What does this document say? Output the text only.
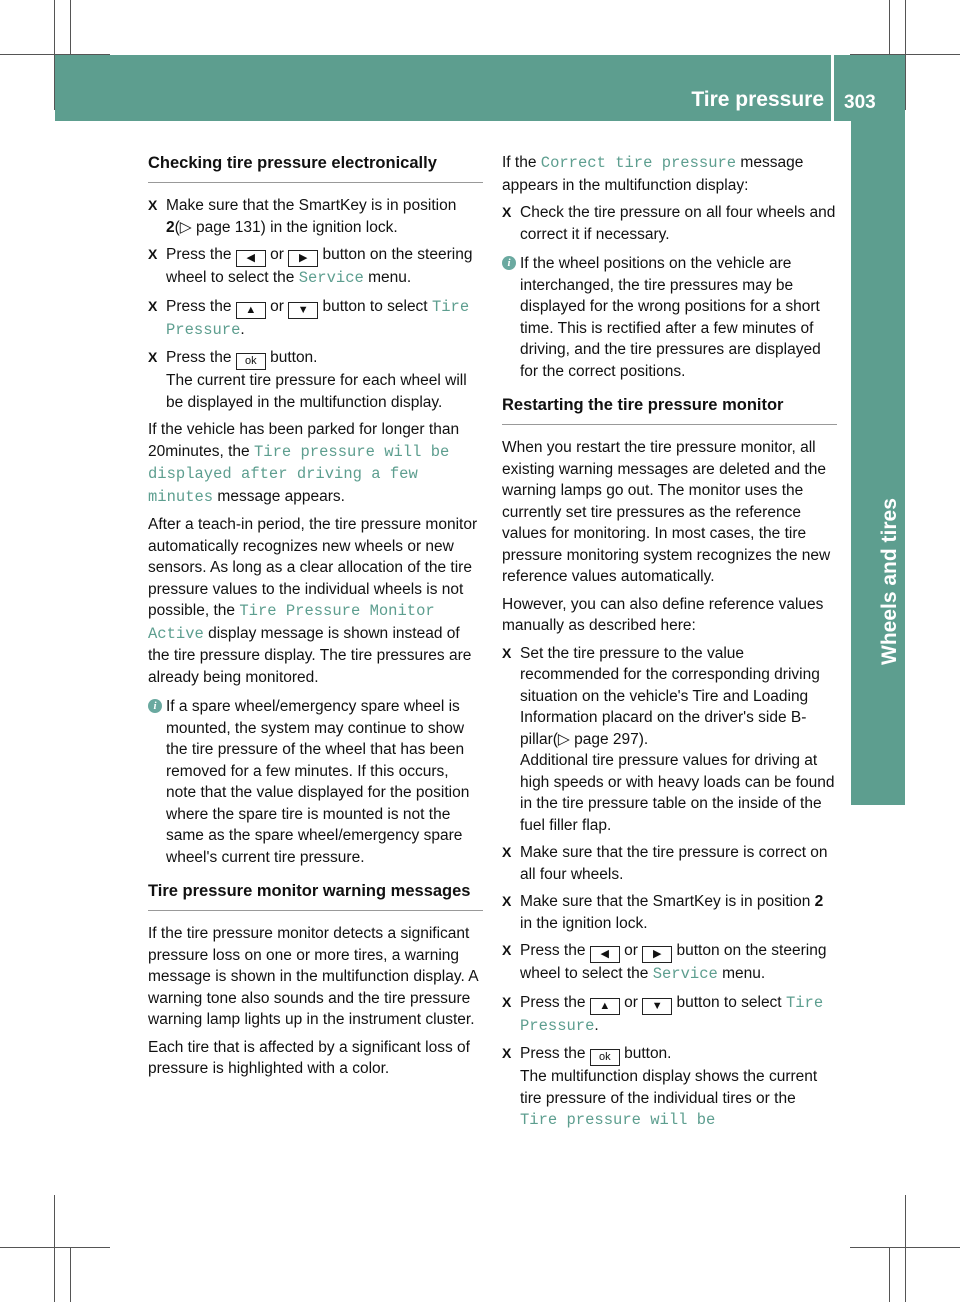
Tire pressure 303
Wheels and tires
Checking tire pressure electronically
X Make sure that the SmartKey is in position 2(▷ page 131) in the ignition lock.
X Press the ◀ or ▶ button on the steering wheel to select the Service menu.
X Press the ▲ or ▼ button to select Tire Pressure.
X Press the ok button.
The current tire pressure for each wheel will be displayed in the multifunction display.

If the vehicle has been parked for longer than 20minutes, the Tire pressure will be displayed after driving a few minutes message appears.

After a teach-in period, the tire pressure monitor automatically recognizes new wheels or new sensors. As long as a clear allocation of the tire pressure values to the individual wheels is not possible, the Tire Pressure Monitor Active display message is shown instead of the tire pressure display. The tire pressures are already being monitored.

i If a spare wheel/emergency spare wheel is mounted, the system may continue to show the tire pressure of the wheel that has been removed for a few minutes. If this occurs, note that the value displayed for the position where the spare tire is mounted is not the same as the spare wheel/emergency spare wheel's current tire pressure.
Tire pressure monitor warning messages

If the tire pressure monitor detects a significant pressure loss on one or more tires, a warning message is shown in the multifunction display. A warning tone also sounds and the tire pressure warning lamp lights up in the instrument cluster.

Each tire that is affected by a significant loss of pressure is highlighted with a color.

If the Correct tire pressure message appears in the multifunction display:

X Check the tire pressure on all four wheels and correct it if necessary.
i If the wheel positions on the vehicle are interchanged, the tire pressures may be displayed for the wrong positions for a short time. This is rectified after a few minutes of driving, and the tire pressures are displayed for the correct positions.
Restarting the tire pressure monitor

When you restart the tire pressure monitor, all existing warning messages are deleted and the warning lamps go out. The monitor uses the currently set tire pressures as the reference values for monitoring. In most cases, the tire pressure monitoring system recognizes the new reference values automatically.

However, you can also define reference values manually as described here:

X Set the tire pressure to the value recommended for the corresponding driving situation on the vehicle's Tire and Loading Information placard on the driver's side B-pillar(▷ page 297).
Additional tire pressure values for driving at high speeds or with heavy loads can be found in the tire pressure table on the inside of the fuel filler flap.
X Make sure that the tire pressure is correct on all four wheels.
X Make sure that the SmartKey is in position 2 in the ignition lock.
X Press the ◀ or ▶ button on the steering wheel to select the Service menu.
X Press the ▲ or ▼ button to select Tire Pressure.
X Press the ok button.
The multifunction display shows the current tire pressure of the individual tires or the Tire pressure will be
